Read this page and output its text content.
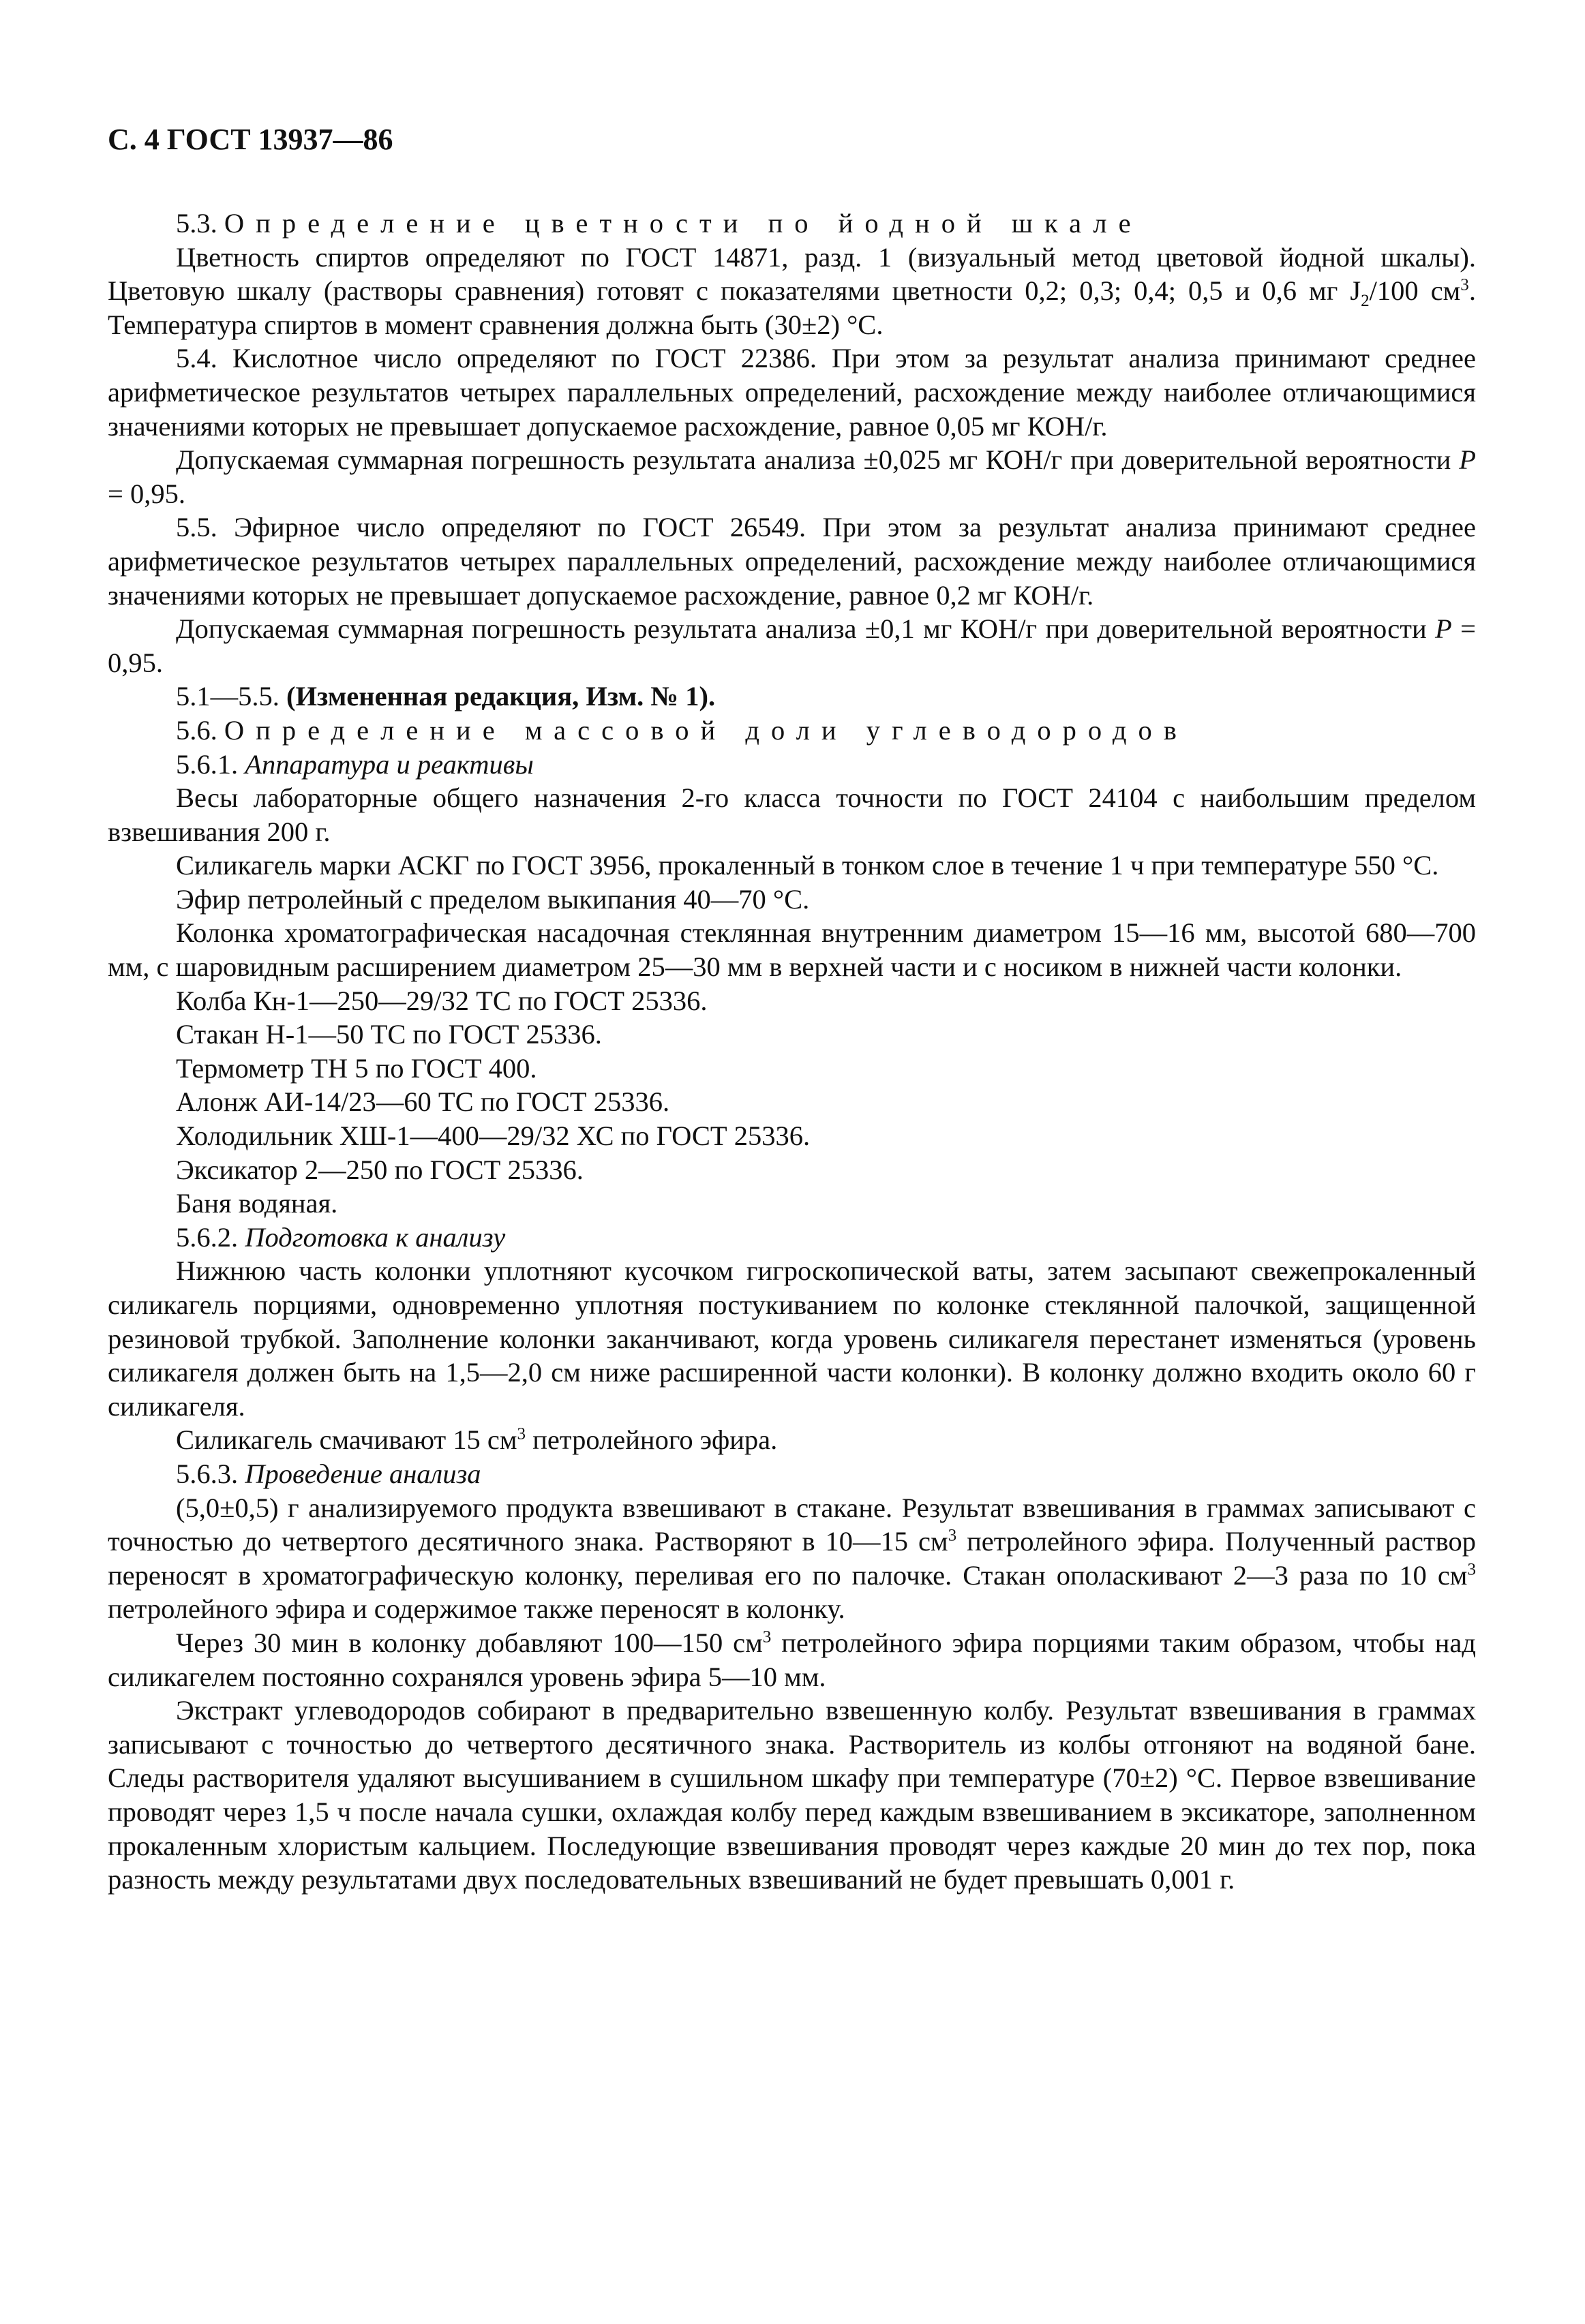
С. 4 ГОСТ 13937—86

5.3. Определение цветности по йодной шкале

Цветность спиртов определяют по ГОСТ 14871, разд. 1 (визуальный метод цветовой йодной шкалы). Цветовую шкалу (растворы сравнения) готовят с показателями цветности 0,2; 0,3; 0,4; 0,5 и 0,6 мг $J_2/100$ $см^3$. Температура спиртов в момент сравнения должна быть (30±2) °С.

5.4. Кислотное число определяют по ГОСТ 22386. При этом за результат анализа принимают среднее арифметическое результатов четырех параллельных определений, расхождение между наиболее отличающимися значениями которых не превышает допускаемое расхождение, равное 0,05 мг КОН/г.

Допускаемая суммарная погрешность результата анализа ±0,025 мг КОН/г при доверительной вероятности Р = 0,95.

5.5. Эфирное число определяют по ГОСТ 26549. При этом за результат анализа принимают среднее арифметическое результатов четырех параллельных определений, расхождение между наиболее отличающимися значениями которых не превышает допускаемое расхождение, равное 0,2 мг КОН/г.

Допускаемая суммарная погрешность результата анализа ±0,1 мг КОН/г при доверительной вероятности Р = 0,95.

5.1—5.5. (Измененная редакция, Изм. № 1).

5.6. Определение массовой доли углеводородов

5.6.1. Аппаратура и реактивы

Весы лабораторные общего назначения 2-го класса точности по ГОСТ 24104 с наибольшим пределом взвешивания 200 г.

Силикагель марки АСКГ по ГОСТ 3956, прокаленный в тонком слое в течение 1 ч при температуре 550 °С.

Эфир петролейный с пределом выкипания 40—70 °С.

Колонка хроматографическая насадочная стеклянная внутренним диаметром 15—16 мм, высотой 680—700 мм, с шаровидным расширением диаметром 25—30 мм в верхней части и с носиком в нижней части колонки.

Колба Кн-1—250—29/32 ТС по ГОСТ 25336.

Стакан Н-1—50 ТС по ГОСТ 25336.

Термометр ТН 5 по ГОСТ 400.

Алонж АИ-14/23—60 ТС по ГОСТ 25336.

Холодильник ХШ-1—400—29/32 ХС по ГОСТ 25336.

Эксикатор 2—250 по ГОСТ 25336.

Баня водяная.

5.6.2. Подготовка к анализу

Нижнюю часть колонки уплотняют кусочком гигроскопической ваты, затем засыпают свежепрокаленный силикагель порциями, одновременно уплотняя постукиванием по колонке стеклянной палочкой, защищенной резиновой трубкой. Заполнение колонки заканчивают, когда уровень силикагеля перестанет изменяться (уровень силикагеля должен быть на 1,5—2,0 см ниже расширенной части колонки). В колонку должно входить около 60 г силикагеля.

Силикагель смачивают 15 $см^3$ петролейного эфира.

5.6.3. Проведение анализа

(5,0±0,5) г анализируемого продукта взвешивают в стакане. Результат взвешивания в граммах записывают с точностью до четвертого десятичного знака. Растворяют в 10—15 $см^3$ петролейного эфира. Полученный раствор переносят в хроматографическую колонку, переливая его по палочке. Стакан ополаскивают 2—3 раза по 10 $см^3$ петролейного эфира и содержимое также переносят в колонку.

Через 30 мин в колонку добавляют 100—150 $см^3$ петролейного эфира порциями таким образом, чтобы над силикагелем постоянно сохранялся уровень эфира 5—10 мм.

Экстракт углеводородов собирают в предварительно взвешенную колбу. Результат взвешивания в граммах записывают с точностью до четвертого десятичного знака. Растворитель из колбы отгоняют на водяной бане. Следы растворителя удаляют высушиванием в сушильном шкафу при температуре (70±2) °С. Первое взвешивание проводят через 1,5 ч после начала сушки, охлаждая колбу перед каждым взвешиванием в эксикаторе, заполненном прокаленным хлористым кальцием. Последующие взвешивания проводят через каждые 20 мин до тех пор, пока разность между результатами двух последовательных взвешиваний не будет превышать 0,001 г.
